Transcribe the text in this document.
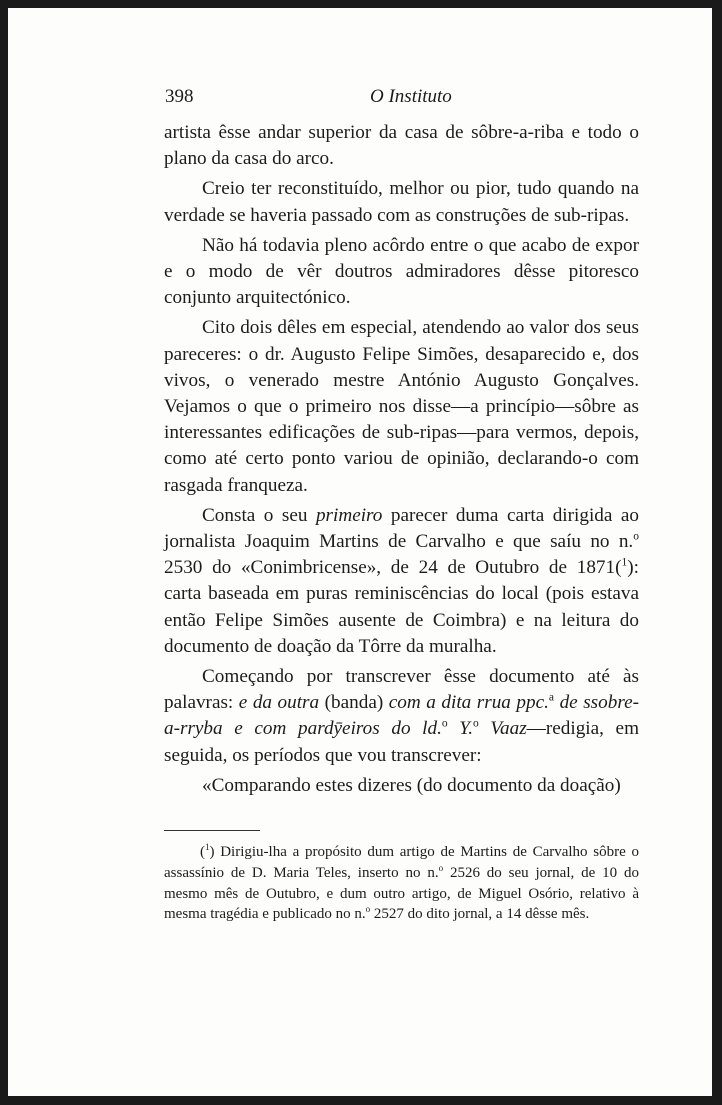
398	O Instituto

artista êsse andar superior da casa de sôbre-a-riba e todo o plano da casa do arco.

Creio ter reconstituído, melhor ou pior, tudo quando na verdade se haveria passado com as construções de sub-ripas.

Não há todavia pleno acôrdo entre o que acabo de expor e o modo de vêr doutros admiradores dêsse pitoresco conjunto arquitectónico.

Cito dois dêles em especial, atendendo ao valor dos seus pareceres: o dr. Augusto Felipe Simões, desaparecido e, dos vivos, o venerado mestre António Augusto Gonçalves. Vejamos o que o primeiro nos disse—a princípio—sôbre as interessantes edificações de sub-ripas—para vermos, depois, como até certo ponto variou de opinião, declarando-o com rasgada franqueza.

Consta o seu primeiro parecer duma carta dirigida ao jornalista Joaquim Martins de Carvalho e que saíu no n.$^o$ 2530 do «Conimbricense», de 24 de Outubro de 1871($^1$): carta baseada em puras reminiscências do local (pois estava então Felipe Simões ausente de Coimbra) e na leitura do documento de doação da Tôrre da muralha.

Começando por transcrever êsse documento até às palavras: e da outra (banda) com a dita rrua ppc.$^a$ de ssobre-a-rryba e com pardȳeiros do ld.$^o$ Y.$^o$ Vaaz—redigia, em seguida, os períodos que vou transcrever:

«Comparando estes dizeres (do documento da doação)

($^1$) Dirigiu-lha a propósito dum artigo de Martins de Carvalho sôbre o assassínio de D. Maria Teles, inserto no n.$^o$ 2526 do seu jornal, de 10 do mesmo mês de Outubro, e dum outro artigo, de Miguel Osório, relativo à mesma tragédia e publicado no n.$^o$ 2527 do dito jornal, a 14 dêsse mês.
